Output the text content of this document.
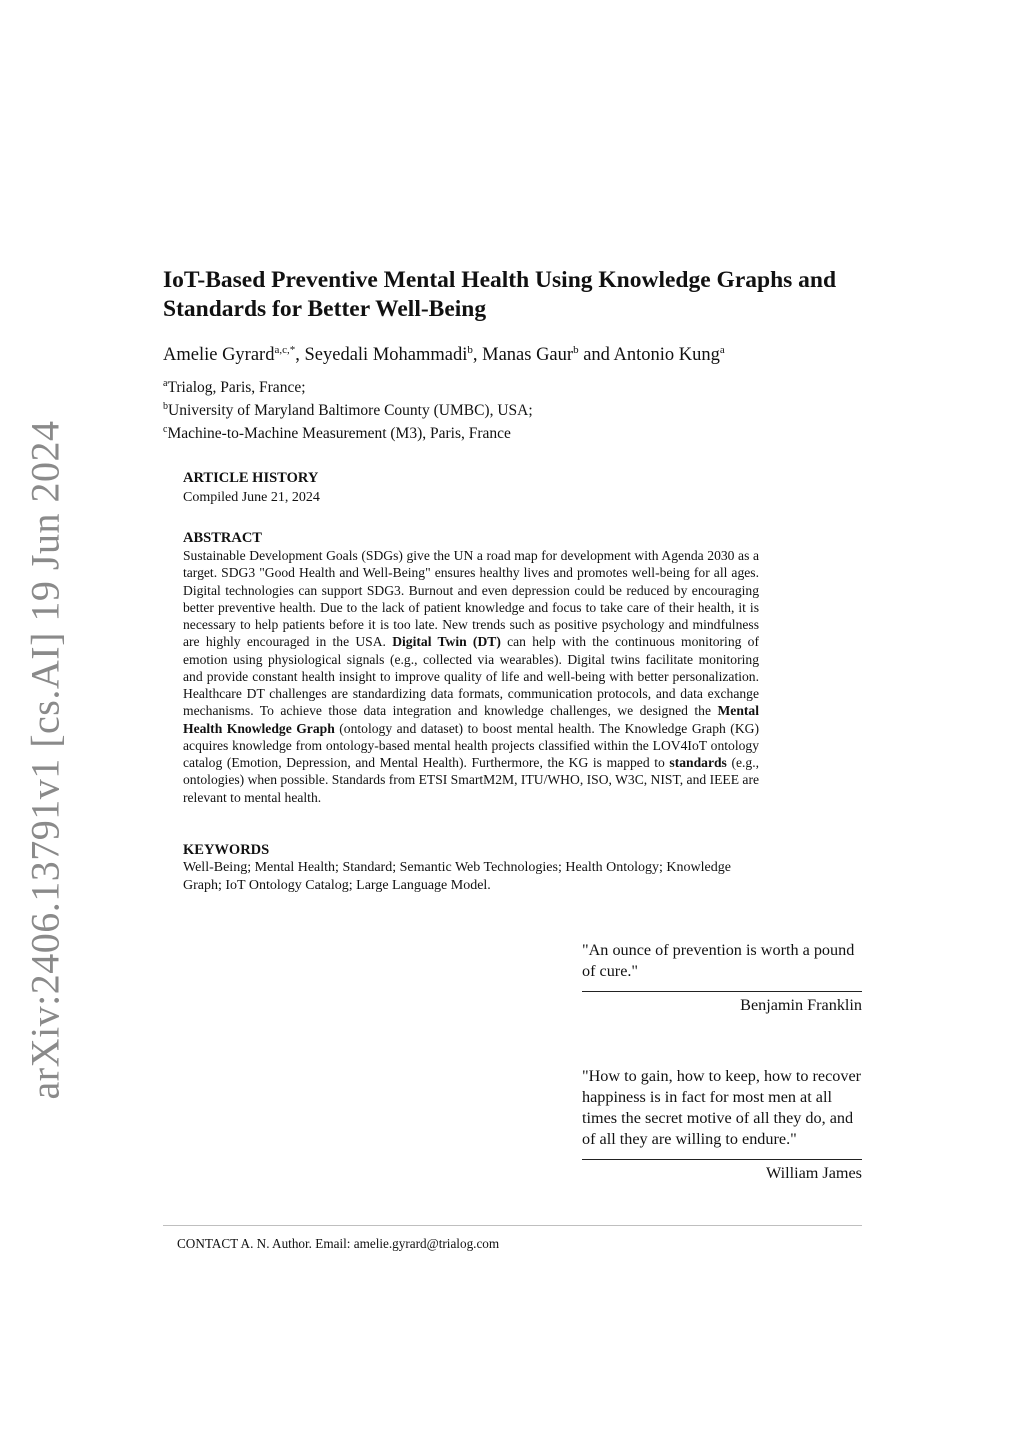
arXiv:2406.13791v1 [cs.AI] 19 Jun 2024
IoT-Based Preventive Mental Health Using Knowledge Graphs and Standards for Better Well-Being
Amelie Gyrard$^{a,c,*}$, Seyedali Mohammadi$^b$, Manas Gaur$^b$ and Antonio Kung$^a$
$^a$Trialog, Paris, France;
$^b$University of Maryland Baltimore County (UMBC), USA;
$^c$Machine-to-Machine Measurement (M3), Paris, France
ARTICLE HISTORY
Compiled June 21, 2024
ABSTRACT
Sustainable Development Goals (SDGs) give the UN a road map for development with Agenda 2030 as a target. SDG3 "Good Health and Well-Being" ensures healthy lives and promotes well-being for all ages. Digital technologies can support SDG3. Burnout and even depression could be reduced by encouraging better preventive health. Due to the lack of patient knowledge and focus to take care of their health, it is necessary to help patients before it is too late. New trends such as positive psychology and mindfulness are highly encouraged in the USA. Digital Twin (DT) can help with the continuous monitoring of emotion using physiological signals (e.g., collected via wearables). Digital twins facilitate monitoring and provide constant health insight to improve quality of life and well-being with better personalization. Healthcare DT challenges are standardizing data formats, communication protocols, and data exchange mechanisms. To achieve those data integration and knowledge challenges, we designed the Mental Health Knowledge Graph (ontology and dataset) to boost mental health. The Knowledge Graph (KG) acquires knowledge from ontology-based mental health projects classified within the LOV4IoT ontology catalog (Emotion, Depression, and Mental Health). Furthermore, the KG is mapped to standards (e.g., ontologies) when possible. Standards from ETSI SmartM2M, ITU/WHO, ISO, W3C, NIST, and IEEE are relevant to mental health.
KEYWORDS
Well-Being; Mental Health; Standard; Semantic Web Technologies; Health Ontology; Knowledge Graph; IoT Ontology Catalog; Large Language Model.
"An ounce of prevention is worth a pound of cure."
Benjamin Franklin
"How to gain, how to keep, how to recover happiness is in fact for most men at all times the secret motive of all they do, and of all they are willing to endure."
William James
CONTACT A. N. Author. Email: amelie.gyrard@trialog.com
